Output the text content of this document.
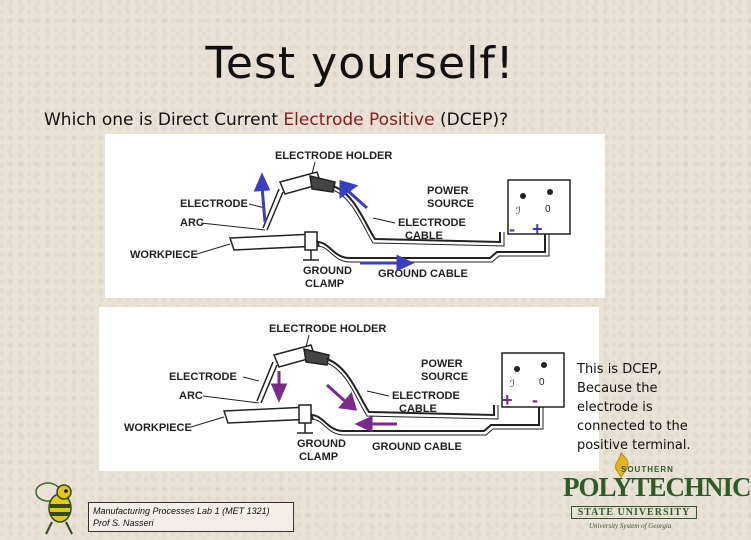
Test yourself!
Which one is Direct Current Electrode Positive (DCEP)?
ELECTRODE HOLDER
ELECTRODE
ARC
WORKPIECE
POWER
SOURCE
ELECTRODE
CABLE
GROUND
CLAMP
GROUND CABLE
ℐ 0
- +
ELECTRODE HOLDER
ELECTRODE
ARC
WORKPIECE
POWER
SOURCE
ELECTRODE
CABLE
GROUND
CLAMP
GROUND CABLE
ℐ 0
+ -
This is DCEP,
Because the
electrode is
connected to the
positive terminal.
Manufacturing Processes Lab 1 (MET 1321)
Prof S. Nasseri
SOUTHERN
POLYTECHNIC
STATE UNIVERSITY
University System of Georgia
